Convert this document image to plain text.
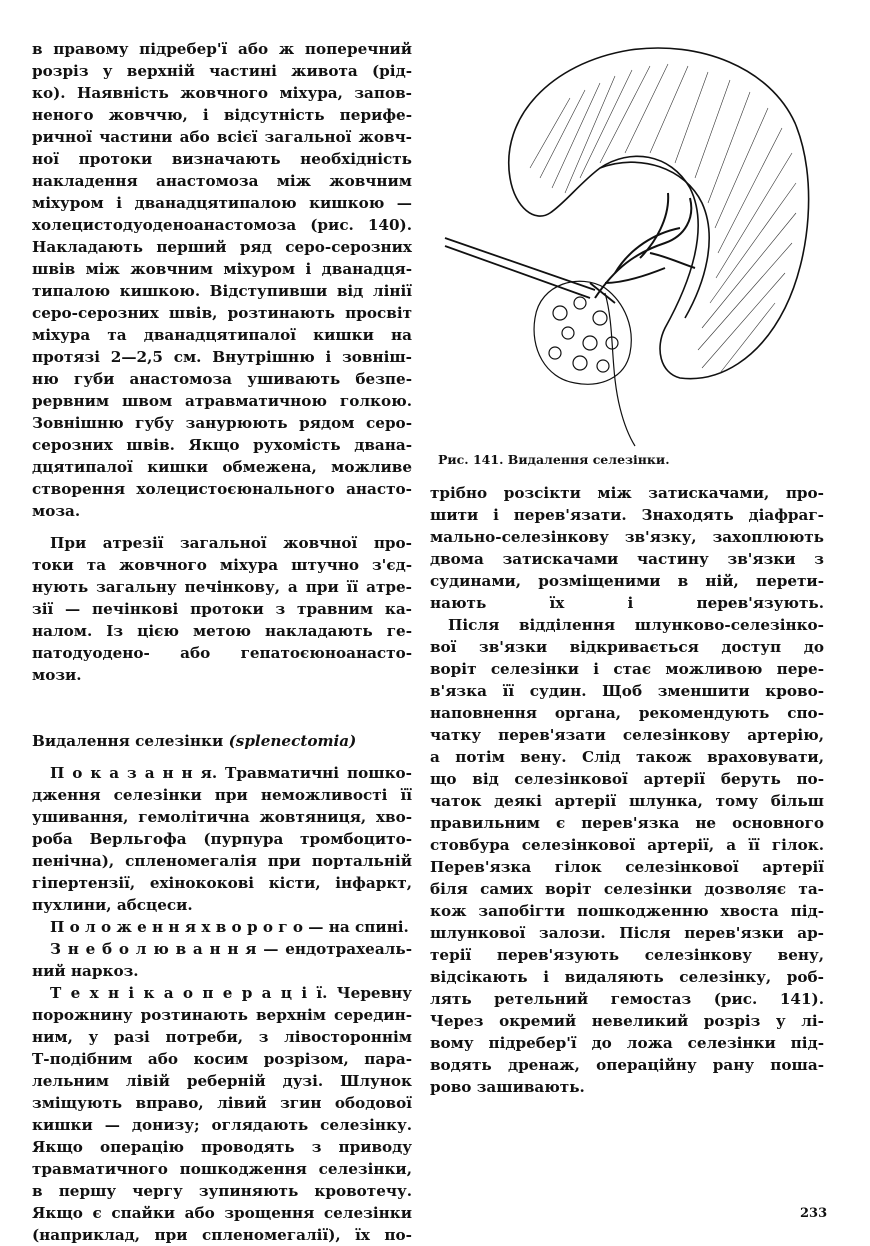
в правому підребер'ї або ж поперечний
розріз у верхній частині живота (рід-
ко). Наявність жовчного міхура, запов-
неного жовччю, і відсутність перифе-
ричної частини або всієї загальної жовч-
ної протоки визначають необхідність
накладення анастомоза між жовчним
міхуром і дванадцятипалою кишкою —
холецистодуоденоанастомоза (рис. 140).
Накладають перший ряд серо-серозних
швів між жовчним міхуром і дванадця-
типалою кишкою. Відступивши від лінії
серо-серозних швів, розтинають просвіт
міхура та дванадцятипалої кишки на
протязі 2—2,5 см. Внутрішню і зовніш-
ню губи анастомоза ушивають безпе-
рервним швом атравматичною голкою.
Зовнішню губу занурюють рядом серо-
серозних швів. Якщо рухомість двана-
дцятипалої кишки обмежена, можливе
створення холецистоєюнального анасто-
моза.
При атрезії загальної жовчної про-
токи та жовчного міхура штучно з'єд-
нують загальну печінкову, а при її атре-
зії — печінкові протоки з травним ка-
налом. Із цією метою накладають ге-
патодуодено- або гепатоєюноанасто-
мози.
Видалення селезінки (splenectomia)
П о к а з а н н я. Травматичні пошко-
дження селезінки при неможливості її
ушивання, гемолітична жовтяниця, хво-
роба Верльгофа (пурпура тромбоцито-
пенічна), спленомегалія при портальній
гіпертензії, ехінококові кісти, інфаркт,
пухлини, абсцеси.
П о л о ж е н н я х в о р о г о — на спині.
З н е б о л ю в а н н я — ендотрахеаль-
ний наркоз.
Т е х н і к а о п е р а ц і ї. Черевну
порожнину розтинають верхнім середин-
ним, у разі потреби, з лівостороннім
Т-подібним або косим розрізом, пара-
лельним лівій реберній дузі. Шлунок
зміщують вправо, лівий згин ободової
кишки — донизу; оглядають селезінку.
Якщо операцію проводять з приводу
травматичного пошкодження селезінки,
в першу чергу зупиняють кровотечу.
Якщо є спайки або зрощення селезінки
(наприклад, при спленомегалії), їх по-
Рис. 141. Видалення селезінки.
трібно розсікти між затискачами, про-
шити і перев'язати. Знаходять діафраг-
мально-селезінкову зв'язку, захоплюють
двома затискачами частину зв'язки з
судинами, розміщеними в ній, перети-
нають їх і перев'язують.
Після відділення шлунково-селезінко-
вої зв'язки відкривається доступ до
воріт селезінки і стає можливою пере-
в'язка її судин. Щоб зменшити крово-
наповнення органа, рекомендують спо-
чатку перев'язати селезінкову артерію,
а потім вену. Слід також враховувати,
що від селезінкової артерії беруть по-
чаток деякі артерії шлунка, тому більш
правильним є перев'язка не основного
стовбура селезінкової артерії, а її гілок.
Перев'язка гілок селезінкової артерії
біля самих воріт селезінки дозволяє та-
кож запобігти пошкодженню хвоста під-
шлункової залози. Після перев'язки ар-
терії перев'язують селезінкову вену,
відсікають і видаляють селезінку, роб-
лять ретельний гемостаз (рис. 141).
Через окремий невеликий розріз у лі-
вому підребер'ї до ложа селезінки під-
водять дренаж, операційну рану поша-
рово зашивають.
233
